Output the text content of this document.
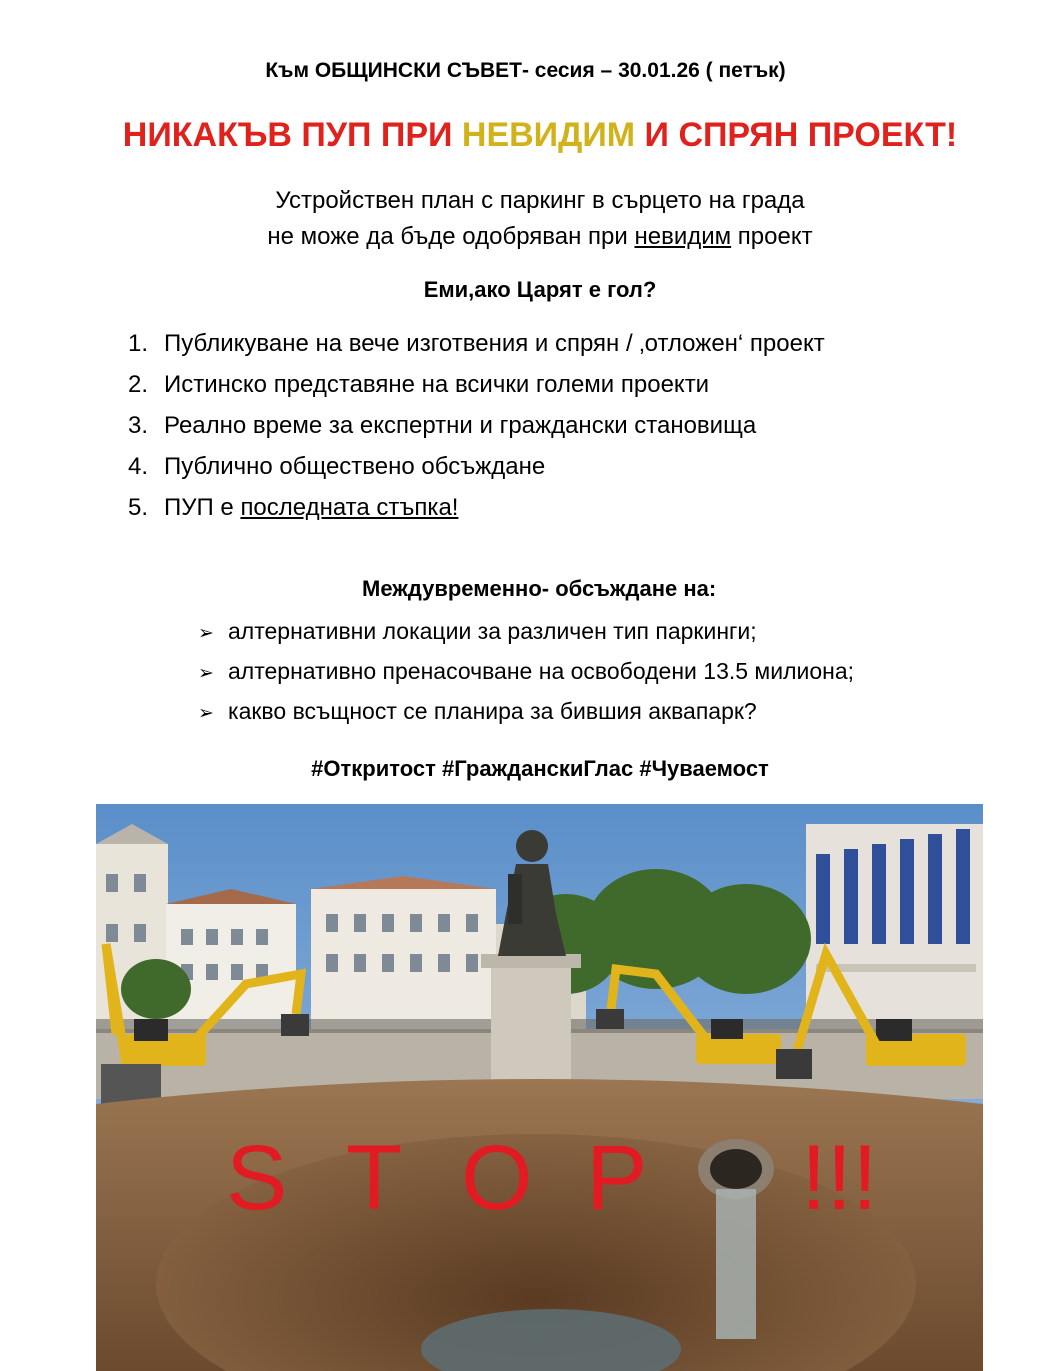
Към ОБЩИНСКИ СЪВЕТ- сесия – 30.01.26 ( петък)
НИКАКЪВ ПУП ПРИ НЕВИДИМ И СПРЯН ПРОЕКТ!
Устройствен план с паркинг в сърцето на града
не може да бъде одобряван при невидим проект
Еми,ако Царят е гол?
1. Публикуване на вече изготвения и спрян / ‚отложен‘ проект
2. Истинско представяне на всички големи проекти
3. Реално време за експертни и граждански становища
4. Публично обществено обсъждане
5. ПУП е последната стъпка!
Междувременно- обсъждане на:
➢ алтернативни локации за различен тип паркинги;
➢ алтернативно пренасочване на освободени 13.5 милиона;
➢ какво всъщност се планира за бившия аквапарк?
#Откритост #ГражданскиГлас #Чуваемост
S T O P !!!
